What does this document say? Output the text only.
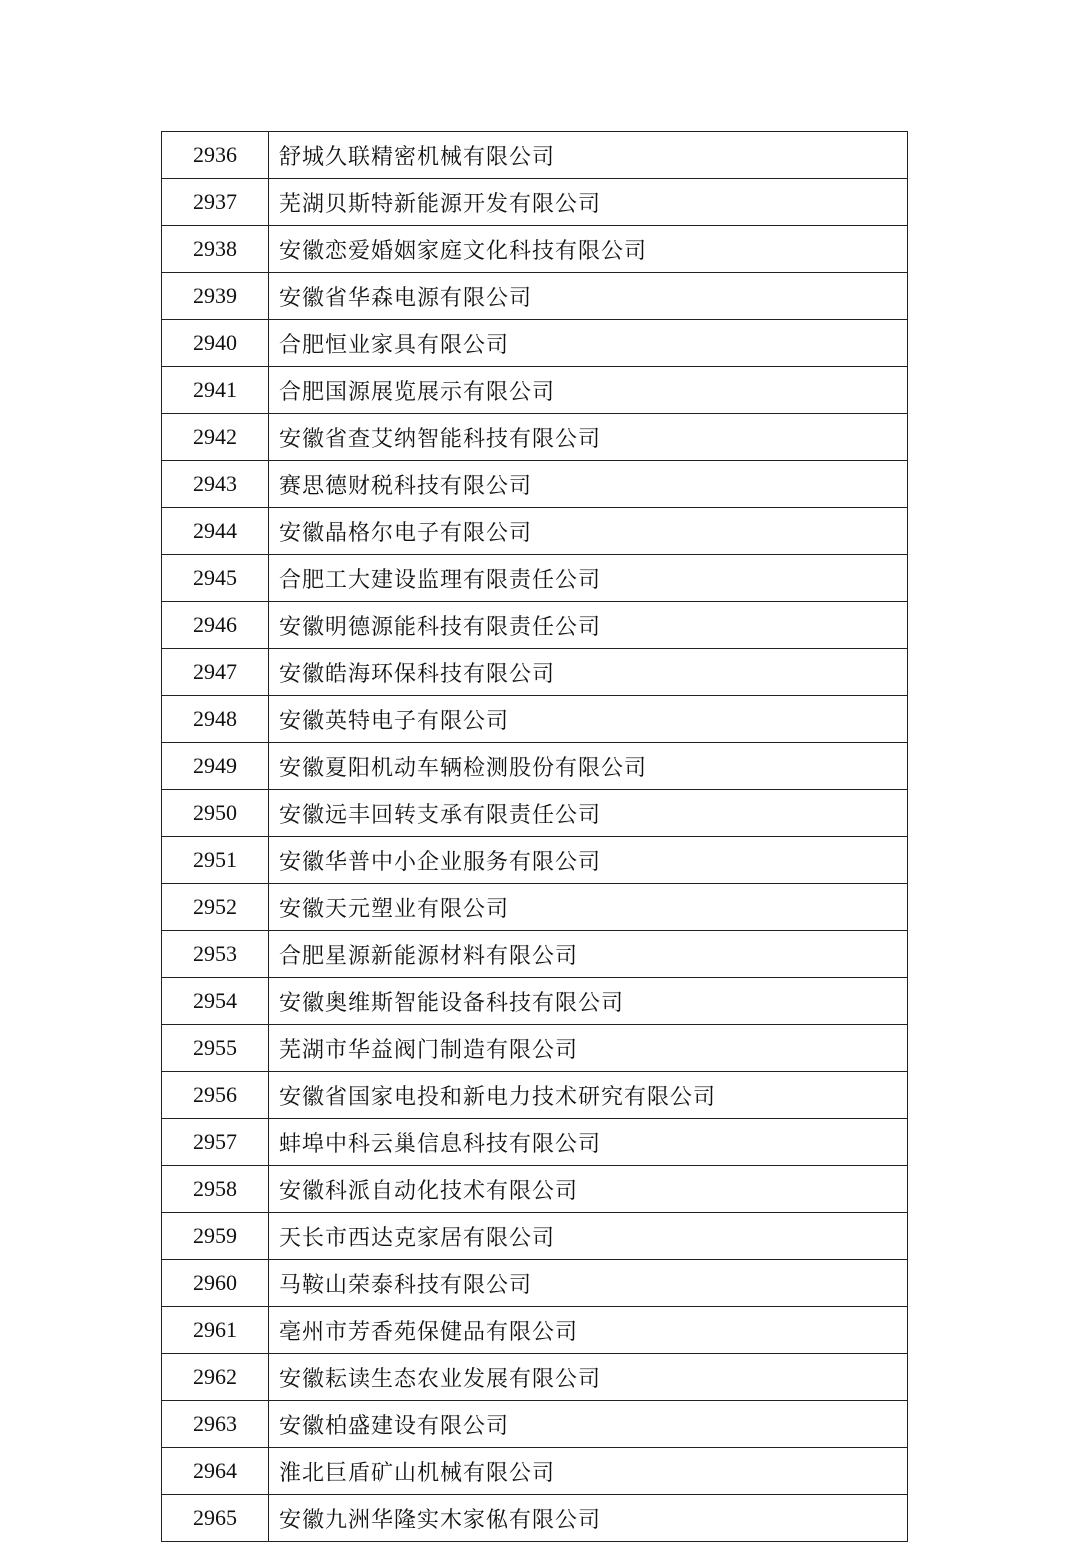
2936	舒城久联精密机械有限公司
2937	芜湖贝斯特新能源开发有限公司
2938	安徽恋爱婚姻家庭文化科技有限公司
2939	安徽省华森电源有限公司
2940	合肥恒业家具有限公司
2941	合肥国源展览展示有限公司
2942	安徽省查艾纳智能科技有限公司
2943	赛思德财税科技有限公司
2944	安徽晶格尔电子有限公司
2945	合肥工大建设监理有限责任公司
2946	安徽明德源能科技有限责任公司
2947	安徽皓海环保科技有限公司
2948	安徽英特电子有限公司
2949	安徽夏阳机动车辆检测股份有限公司
2950	安徽远丰回转支承有限责任公司
2951	安徽华普中小企业服务有限公司
2952	安徽天元塑业有限公司
2953	合肥星源新能源材料有限公司
2954	安徽奥维斯智能设备科技有限公司
2955	芜湖市华益阀门制造有限公司
2956	安徽省国家电投和新电力技术研究有限公司
2957	蚌埠中科云巢信息科技有限公司
2958	安徽科派自动化技术有限公司
2959	天长市西达克家居有限公司
2960	马鞍山荣泰科技有限公司
2961	亳州市芳香苑保健品有限公司
2962	安徽耘读生态农业发展有限公司
2963	安徽柏盛建设有限公司
2964	淮北巨盾矿山机械有限公司
2965	安徽九洲华隆实木家俬有限公司
